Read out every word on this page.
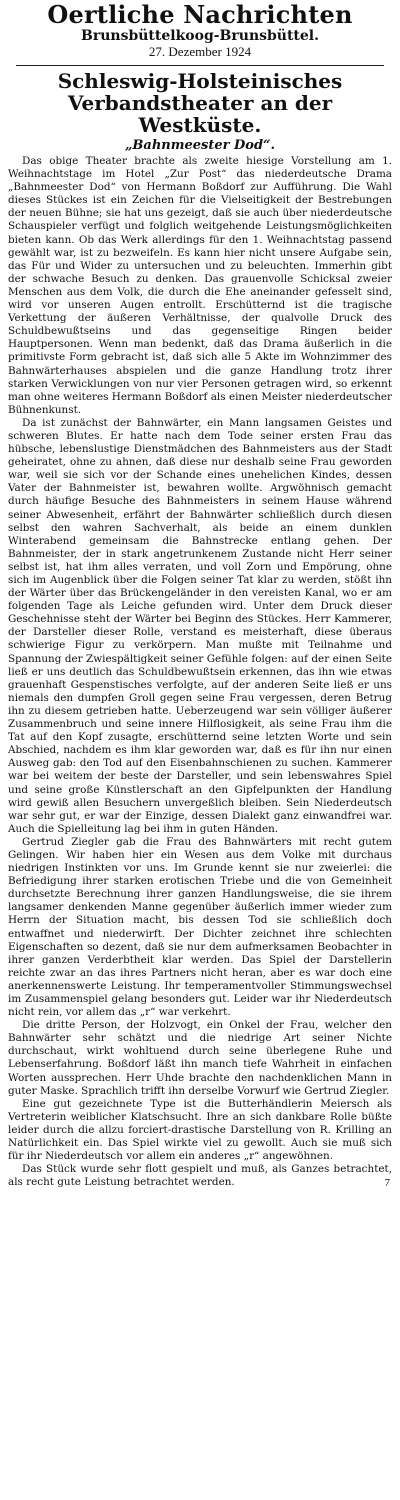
Oertliche Nachrichten
Brunsbüttelkoog-Brunsbüttel.
27. Dezember 1924
Schleswig-Holsteinisches
Verbandstheater an der Westküste.
„Bahnmeester Dod“.

Das obige Theater brachte als zweite hiesige Vorstellung am 1. Weihnachtstage im Hotel „Zur Post“ das niederdeutsche Drama „Bahnmeester Dod“ von Hermann Boßdorf zur Aufführung. Die Wahl dieses Stückes ist ein Zeichen für die Vielseitigkeit der Bestrebungen der neuen Bühne; sie hat uns gezeigt, daß sie auch über niederdeutsche Schauspieler verfügt und folglich weitgehende Leistungsmöglichkeiten bieten kann. Ob das Werk allerdings für den 1. Weihnachtstag passend gewählt war, ist zu bezweifeln. Es kann hier nicht unsere Aufgabe sein, das Für und Wider zu untersuchen und zu beleuchten. Immerhin gibt der schwache Besuch zu denken. Das grauenvolle Schicksal zweier Menschen aus dem Volk, die durch die Ehe aneinander gefesselt sind, wird vor unseren Augen entrollt. Erschütternd ist die tragische Verkettung der äußeren Verhältnisse, der qualvolle Druck des Schuldbewußtseins und das gegenseitige Ringen beider Hauptpersonen. Wenn man bedenkt, daß das Drama äußerlich in die primitivste Form gebracht ist, daß sich alle 5 Akte im Wohnzimmer des Bahnwärterhauses abspielen und die ganze Handlung trotz ihrer starken Verwicklungen von nur vier Personen getragen wird, so erkennt man ohne weiteres Hermann Boßdorf als einen Meister niederdeutscher Bühnenkunst.

Da ist zunächst der Bahnwärter, ein Mann langsamen Geistes und schweren Blutes. Er hatte nach dem Tode seiner ersten Frau das hübsche, lebenslustige Dienstmädchen des Bahnmeisters aus der Stadt geheiratet, ohne zu ahnen, daß diese nur deshalb seine Frau geworden war, weil sie sich vor der Schande eines unehelichen Kindes, dessen Vater der Bahnmeister ist, bewahren wollte. Argwöhnisch gemacht durch häufige Besuche des Bahnmeisters in seinem Hause während seiner Abwesenheit, erfährt der Bahnwärter schließlich durch diesen selbst den wahren Sachverhalt, als beide an einem dunklen Winterabend gemeinsam die Bahnstrecke entlang gehen. Der Bahnmeister, der in stark angetrunkenem Zustande nicht Herr seiner selbst ist, hat ihm alles verraten, und voll Zorn und Empörung, ohne sich im Augenblick über die Folgen seiner Tat klar zu werden, stößt ihn der Wärter über das Brückengeländer in den vereisten Kanal, wo er am folgenden Tage als Leiche gefunden wird. Unter dem Druck dieser Geschehnisse steht der Wärter bei Beginn des Stückes. Herr Kammerer, der Darsteller dieser Rolle, verstand es meisterhaft, diese überaus schwierige Figur zu verkörpern. Man mußte mit Teilnahme und Spannung der Zwiespältigkeit seiner Gefühle folgen: auf der einen Seite ließ er uns deutlich das Schuldbewußtsein erkennen, das ihn wie etwas grauenhaft Gespenstisches verfolgte, auf der anderen Seite ließ er uns niemals den dumpfen Groll gegen seine Frau vergessen, deren Betrug ihn zu diesem getrieben hatte. Ueberzeugend war sein völliger äußerer Zusammenbruch und seine innere Hilflosigkeit, als seine Frau ihm die Tat auf den Kopf zusagte, erschütternd seine letzten Worte und sein Abschied, nachdem es ihm klar geworden war, daß es für ihn nur einen Ausweg gab: den Tod auf den Eisenbahnschienen zu suchen. Kammerer war bei weitem der beste der Darsteller, und sein lebenswahres Spiel und seine große Künstlerschaft an den Gipfelpunkten der Handlung wird gewiß allen Besuchern unvergeßlich bleiben. Sein Niederdeutsch war sehr gut, er war der Einzige, dessen Dialekt ganz einwandfrei war. Auch die Spielleitung lag bei ihm in guten Händen.

Gertrud Ziegler gab die Frau des Bahnwärters mit recht gutem Gelingen. Wir haben hier ein Wesen aus dem Volke mit durchaus niedrigen Instinkten vor uns. Im Grunde kennt sie nur zweierlei: die Befriedigung ihrer starken erotischen Triebe und die von Gemeinheit durchsetzte Berechnung ihrer ganzen Handlungsweise, die sie ihrem langsamer denkenden Manne gegenüber äußerlich immer wieder zum Herrn der Situation macht, bis dessen Tod sie schließlich doch entwaffnet und niederwirft. Der Dichter zeichnet ihre schlechten Eigenschaften so dezent, daß sie nur dem aufmerksamen Beobachter in ihrer ganzen Verderbtheit klar werden. Das Spiel der Darstellerin reichte zwar an das ihres Partners nicht heran, aber es war doch eine anerkennenswerte Leistung. Ihr temperamentvoller Stimmungswechsel im Zusammenspiel gelang besonders gut. Leider war ihr Niederdeutsch nicht rein, vor allem das „r“ war verkehrt.

Die dritte Person, der Holzvogt, ein Onkel der Frau, welcher den Bahnwärter sehr schätzt und die niedrige Art seiner Nichte durchschaut, wirkt wohltuend durch seine überlegene Ruhe und Lebenserfahrung. Boßdorf läßt ihn manch tiefe Wahrheit in einfachen Worten aussprechen. Herr Uhde brachte den nachdenklichen Mann in guter Maske. Sprachlich trifft ihn derselbe Vorwurf wie Gertrud Ziegler.

Eine gut gezeichnete Type ist die Butterhändlerin Meiersch als Vertreterin weiblicher Klatschsucht. Ihre an sich dankbare Rolle büßte leider durch die allzu forciert-drastische Darstellung von R. Krilling an Natürlichkeit ein. Das Spiel wirkte viel zu gewollt. Auch sie muß sich für ihr Niederdeutsch vor allem ein anderes „r“ angewöhnen.

Das Stück wurde sehr flott gespielt und muß, als Ganzes betrachtet, als recht gute Leistung betrachtet werden.	7
